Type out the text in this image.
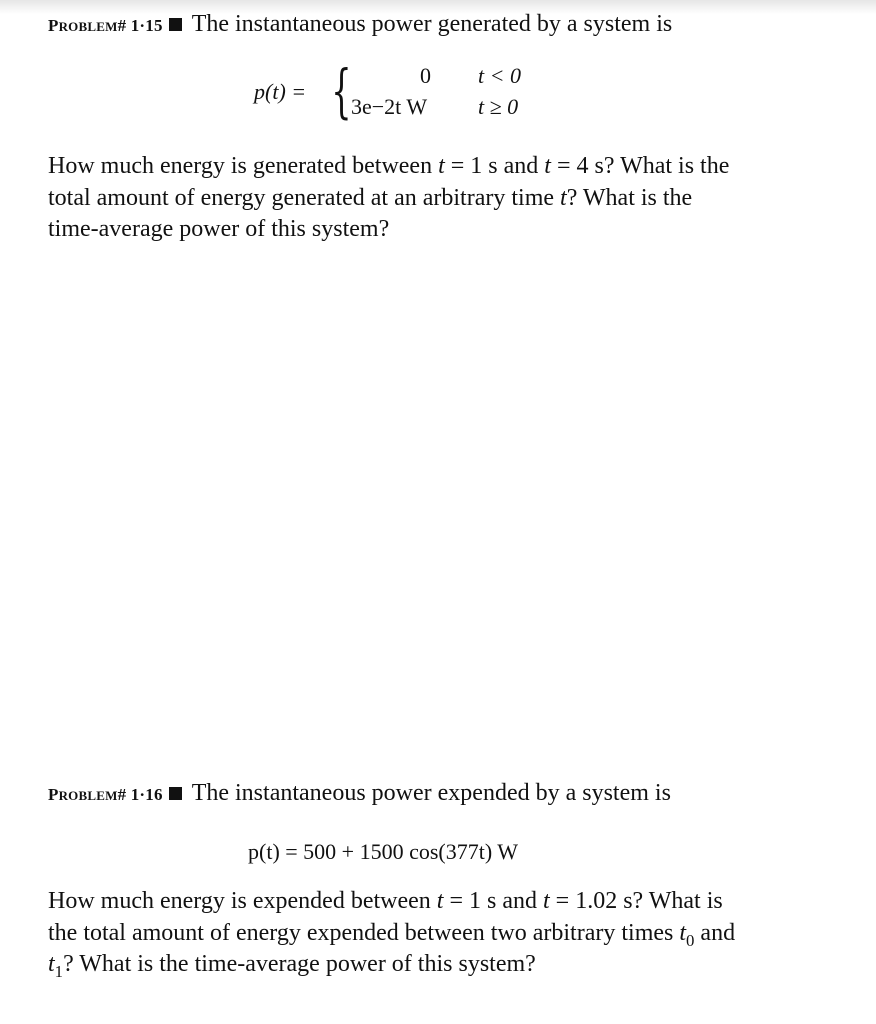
PROBLEM# 1·15 The instantaneous power generated by a system is
p(t) = {	0 t < 0
3e−2t W t ≥ 0
How much energy is generated between t = 1 s and t = 4 s? What is the total amount of energy generated at an arbitrary time t? What is the time-average power of this system?
PROBLEM# 1·16 The instantaneous power expended by a system is
p(t) = 500 + 1500 cos(377t) W
How much energy is expended between t = 1 s and t = 1.02 s? What is the total amount of energy expended between two arbitrary times $t_0$ and $t_1$? What is the time-average power of this system?
